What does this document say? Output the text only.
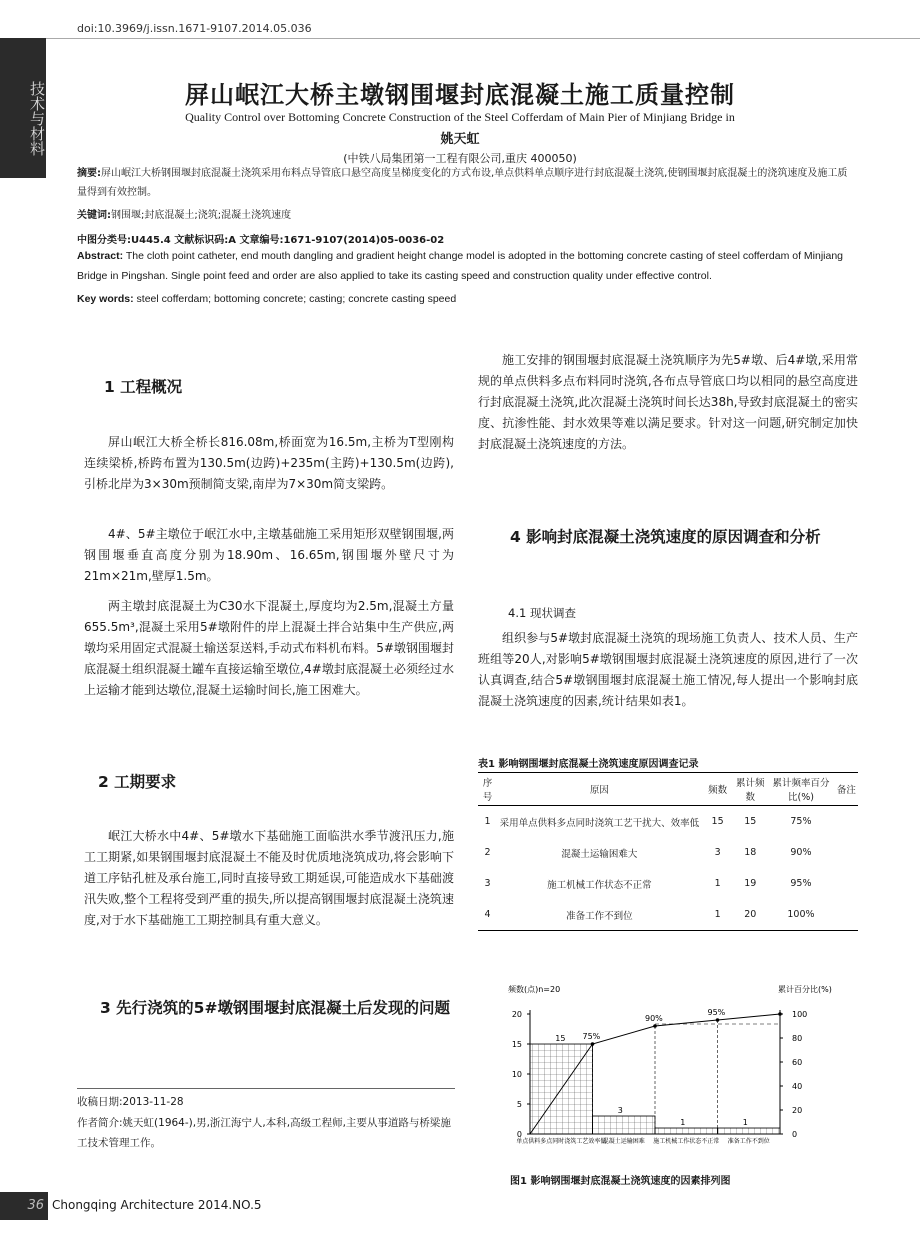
doi:10.3969/j.issn.1671-9107.2014.05.036
技术与材料	屏山岷江大桥主墩钢围堰封底混凝土施工质量控制
Quality Control over Bottoming Concrete Construction of the Steel Cofferdam of Main Pier of Minjiang Bridge in
姚天虹
(中铁八局集团第一工程有限公司,重庆 400050)
摘要:屏山岷江大桥钢围堰封底混凝土浇筑采用布料点导管底口悬空高度呈梯度变化的方式布设,单点供料单点顺序进行封底混凝土浇筑,使钢围堰封底混凝土的浇筑速度及施工质量得到有效控制。
关键词:钢围堰;封底混凝土;浇筑;混凝土浇筑速度
中图分类号:U445.4 文献标识码:A 文章编号:1671-9107(2014)05-0036-02
Abstract: The cloth point catheter, end mouth dangling and gradient height change model is adopted in the bottoming concrete casting of steel cofferdam of Minjiang Bridge in Pingshan. Single point feed and order are also applied to take its casting speed and construction quality under effective control.
Key words: steel cofferdam; bottoming concrete; casting; concrete casting speed
1 工程概况

屏山岷江大桥全桥长816.08m,桥面宽为16.5m,主桥为T型刚构连续梁桥,桥跨布置为130.5m(边跨)+235m(主跨)+130.5m(边跨),引桥北岸为3×30m预制简支梁,南岸为7×30m简支梁跨。

4#、5#主墩位于岷江水中,主墩基础施工采用矩形双壁钢围堰,两钢围堰垂直高度分别为18.90m、16.65m,钢围堰外壁尺寸为21m×21m,壁厚1.5m。

两主墩封底混凝土为C30水下混凝土,厚度均为2.5m,混凝土方量655.5m³,混凝土采用5#墩附件的岸上混凝土拌合站集中生产供应,两墩均采用固定式混凝土输送泵送料,手动式布料机布料。5#墩钢围堰封底混凝土组织混凝土罐车直接运输至墩位,4#墩封底混凝土必须经过水上运输才能到达墩位,混凝土运输时间长,施工困难大。

2 工期要求

岷江大桥水中4#、5#墩水下基础施工面临洪水季节渡汛压力,施工工期紧,如果钢围堰封底混凝土不能及时优质地浇筑成功,将会影响下道工序钻孔桩及承台施工,同时直接导致工期延误,可能造成水下基础渡汛失败,整个工程将受到严重的损失,所以提高钢围堰封底混凝土浇筑速度,对于水下基础施工工期控制具有重大意义。

3 先行浇筑的5#墩钢围堰封底混凝土后发现的问题
收稿日期:2013-11-28
作者简介:姚天虹(1964-),男,浙江海宁人,本科,高级工程师,主要从事道路与桥梁施工技术管理工作。

施工安排的钢围堰封底混凝土浇筑顺序为先5#墩、后4#墩,采用常规的单点供料多点布料同时浇筑,各布点导管底口均以相同的悬空高度进行封底混凝土浇筑,此次混凝土浇筑时间长达38h,导致封底混凝土的密实度、抗渗性能、封水效果等难以满足要求。针对这一问题,研究制定加快封底混凝土浇筑速度的方法。

4 影响封底混凝土浇筑速度的原因调查和分析
4.1 现状调查

组织参与5#墩封底混凝土浇筑的现场施工负责人、技术人员、生产班组等20人,对影响5#墩钢围堰封底混凝土浇筑速度的原因,进行了一次认真调查,结合5#墩钢围堰封底混凝土施工情况,每人提出一个影响封底混凝土浇筑速度的因素,统计结果如表1。

表1 影响钢围堰封底混凝土浇筑速度原因调查记录
序号	原因	频数	累计频数	累计频率百分比(%)	备注
1	采用单点供料多点同时浇筑工艺干扰大、效率低	15	15	75%	
2	混凝土运输困难大	3	18	90%	
3	施工机械工作状态不正常	1	19	95%	
4	准备工作不到位	1	20	100%	
频数(点)n=20	累计百分比(%)
0
5
10
15
20
0
20
40
60
80
100
15
单点供料多点同时浇筑工艺效率低
3
混凝土运输困难
1
施工机械工作状态不正常
1
准备工作不到位
75%
90%
95%
图1 影响钢围堰封底混凝土浇筑速度的因素排列图
36 Chongqing Architecture 2014.NO.5
